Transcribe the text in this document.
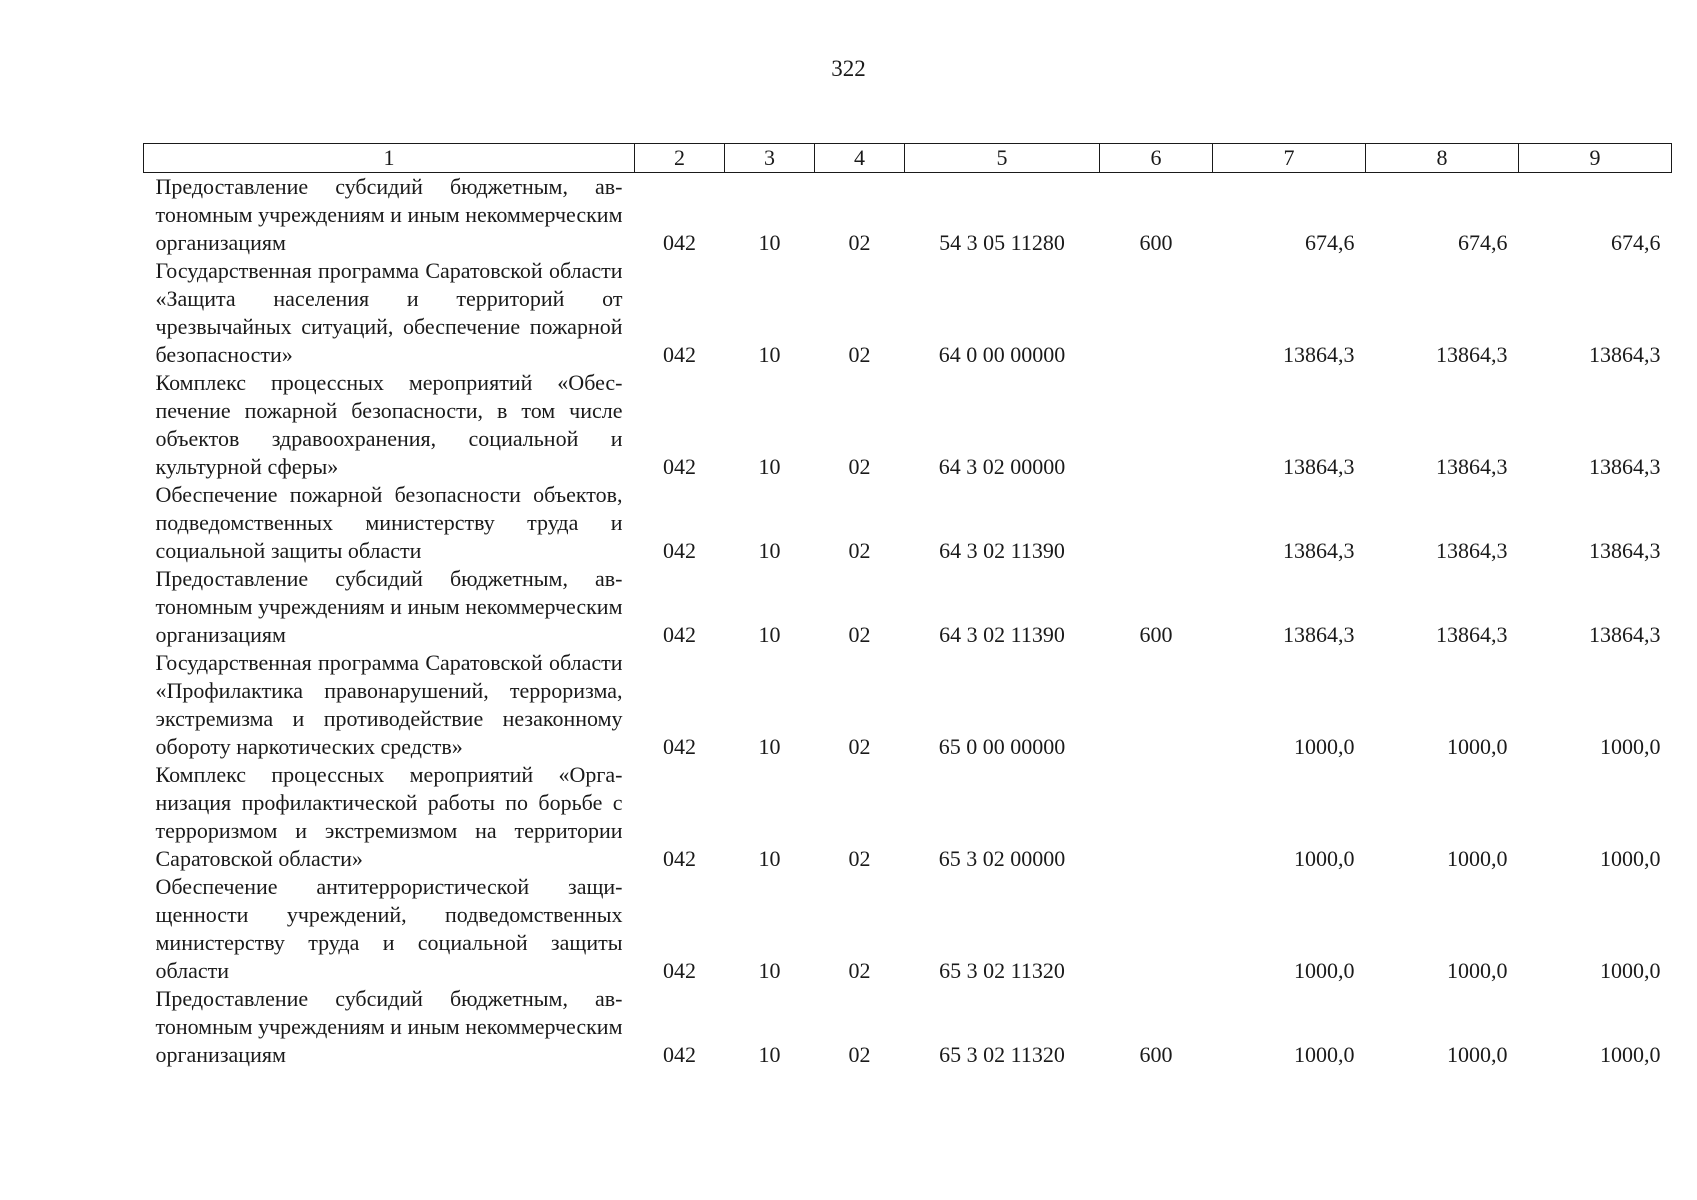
322
1	2	3	4	5	6	7	8	9
Предоставление субсидий бюджетным, автономным учреждениям и иным некоммерческим организациям	042	10	02	54 3 05 11280	600	674,6	674,6	674,6
Государственная программа Саратовской области «Защита населения и территорий от чрезвычайных ситуаций, обеспечение пожарной безопасности»	042	10	02	64 0 00 00000		13864,3	13864,3	13864,3
Комплекс процессных мероприятий «Обеспечение пожарной безопасности, в том числе объектов здравоохранения, социальной и культурной сферы»	042	10	02	64 3 02 00000		13864,3	13864,3	13864,3
Обеспечение пожарной безопасности объектов, подведомственных министерству труда и социальной защиты области	042	10	02	64 3 02 11390		13864,3	13864,3	13864,3
Предоставление субсидий бюджетным, автономным учреждениям и иным некоммерческим организациям	042	10	02	64 3 02 11390	600	13864,3	13864,3	13864,3
Государственная программа Саратовской области «Профилактика правонарушений, терроризма, экстремизма и противодействие незаконному обороту наркотических средств»	042	10	02	65 0 00 00000		1000,0	1000,0	1000,0
Комплекс процессных мероприятий «Организация профилактической работы по борьбе с терроризмом и экстремизмом на территории Саратовской области»	042	10	02	65 3 02 00000		1000,0	1000,0	1000,0
Обеспечение антитеррористической защищенности учреждений, подведомственных министерству труда и социальной защиты области	042	10	02	65 3 02 11320		1000,0	1000,0	1000,0
Предоставление субсидий бюджетным, автономным учреждениям и иным некоммерческим организациям	042	10	02	65 3 02 11320	600	1000,0	1000,0	1000,0
